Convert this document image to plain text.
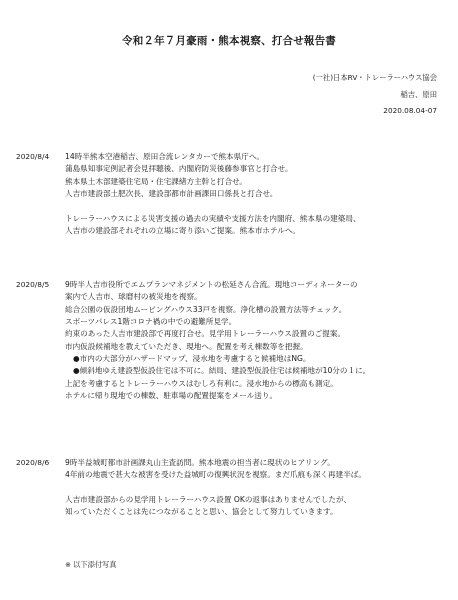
令和２年７月豪雨・熊本視察、打合せ報告書
(一社)日本RV・トレーラーハウス協会
稲吉、原田
2020.08.04-07
2020/8/4 14時半熊本空港稲吉、原田合流レンタカーで熊本県庁へ。
蒲島県知事定例記者会見拝聴後、内閣府防災後藤参事官と打合せ。
熊本県土木部建築住宅局・住宅課緒方主幹と打合せ。
人吉市建設部土肥次長、建設部都市計画課田口係長と打合せ。
トレーラーハウスによる災害支援の過去の実績や支援方法を内閣府、熊本県の建築局、
人吉市の建設部それぞれの立場に寄り添いご提案。熊本市ホテルへ。
2020/8/5 9時半人吉市役所でエムプランマネジメントの松延さん合流。現地コーディネーターの
案内で人吉市、球磨村の被災地を視察。
総合公園の仮設団地ムービングハウス33戸を視察。浄化槽の設置方法等チェック。
スポーツパレス1階コロナ禍の中での避難所見学。
約束のあった人吉市建設部で再度打合せ。見学用トレーラーハウス設置のご提案。
市内仮設候補地を教えていただき、現地へ。配置を考え棟数等を把握。
●市内の大部分がハザードマップ、浸水地を考慮すると候補地はNG。
●傾斜地ゆえ建設型仮設住宅は不可に。結局、建設型仮設住宅は候補地が10分の１に。
上記を考慮するとトレーラーハウスはむしろ有利に。浸水地からの標高も測定。
ホテルに帰り現地での棟数、駐車場の配置提案をメール送り。
2020/8/6 9時半益城町都市計画課丸山主査訪問。熊本地震の担当者に現状のヒアリング。
4年前の地震で甚大な被害を受けた益城町の復興状況を視察。まだ爪痕も深く再建半ば。
人吉市建設部からの見学用トレーラーハウス設置 OKの返事はありませんでしたが、
知っていただくことは先につながることと思い、協会として努力していきます。
※ 以下添付写真
